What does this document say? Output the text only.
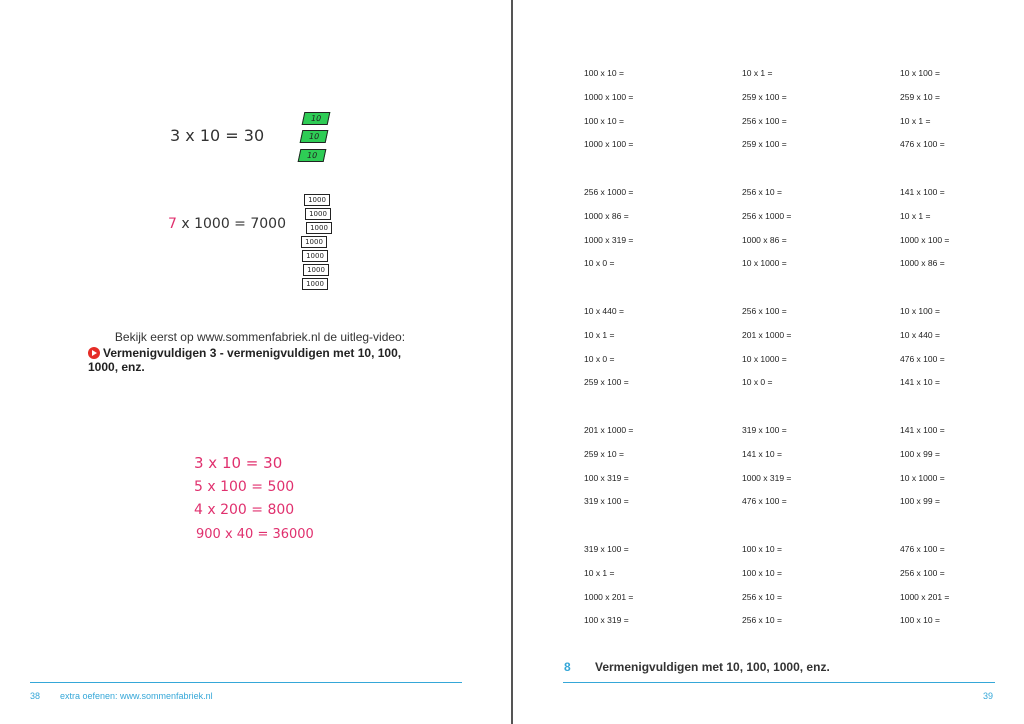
3 x 10 = 30
10
10
10
7 x 1000 = 7000
1000
1000
1000
1000
1000
1000
1000
Bekijk eerst op www.sommenfabriek.nl de uitleg-video:
Vermenigvuldigen 3 - vermenigvuldigen met 10, 100, 1000, enz.
3 x 10 = 30
5 x 100 = 500
4 x 200 = 800
900 x 40 = 36000
38 extra oefenen: www.sommenfabriek.nl
100 x 10 =
1000 x 100 =
100 x 10 =
1000 x 100 =
10 x 1 =
259 x 100 =
256 x 100 =
259 x 100 =
10 x 100 =
259 x 10 =
10 x 1 =
476 x 100 =
256 x 1000 =
1000 x 86 =
1000 x 319 =
10 x 0 =
256 x 10 =
256 x 1000 =
1000 x 86 =
10 x 1000 =
141 x 100 =
10 x 1 =
1000 x 100 =
1000 x 86 =
10 x 440 =
10 x 1 =
10 x 0 =
259 x 100 =
256 x 100 =
201 x 1000 =
10 x 1000 =
10 x 0 =
10 x 100 =
10 x 440 =
476 x 100 =
141 x 10 =
201 x 1000 =
259 x 10 =
100 x 319 =
319 x 100 =
319 x 100 =
141 x 10 =
1000 x 319 =
476 x 100 =
141 x 100 =
100 x 99 =
10 x 1000 =
100 x 99 =
319 x 100 =
10 x 1 =
1000 x 201 =
100 x 319 =
100 x 10 =
100 x 10 =
256 x 10 =
256 x 10 =
476 x 100 =
256 x 100 =
1000 x 201 =
100 x 10 =
8 Vermenigvuldigen met 10, 100, 1000, enz.
39
